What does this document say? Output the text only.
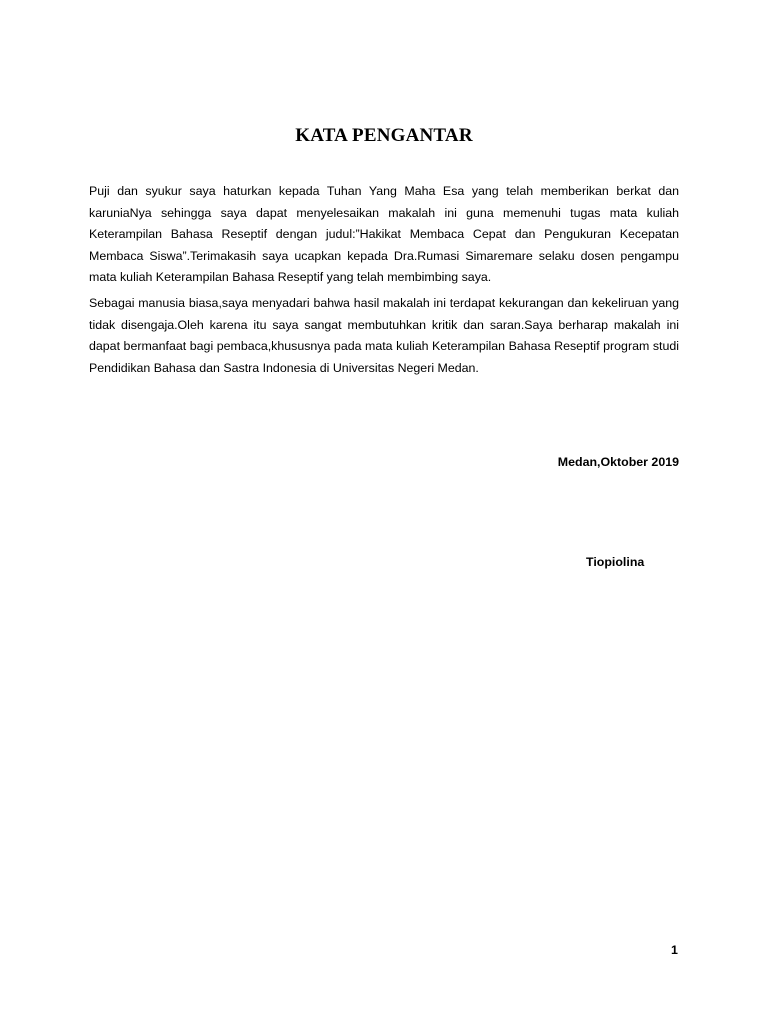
KATA PENGANTAR

Puji dan syukur saya haturkan kepada Tuhan Yang Maha Esa yang telah memberikan berkat dan karuniaNya sehingga saya dapat menyelesaikan makalah ini guna memenuhi tugas mata kuliah Keterampilan Bahasa Reseptif dengan judul:”Hakikat Membaca Cepat dan Pengukuran Kecepatan Membaca Siswa”.Terimakasih saya ucapkan kepada Dra.Rumasi Simaremare selaku dosen pengampu mata kuliah Keterampilan Bahasa Reseptif yang telah membimbing saya.

Sebagai manusia biasa,saya menyadari bahwa hasil makalah ini terdapat kekurangan dan kekeliruan yang tidak disengaja.Oleh karena itu saya sangat membutuhkan kritik dan saran.Saya berharap makalah ini dapat bermanfaat bagi pembaca,khususnya pada mata kuliah Keterampilan Bahasa Reseptif program studi Pendidikan Bahasa dan Sastra Indonesia di Universitas Negeri Medan.

Medan,Oktober 2019

Tiopiolina

1
